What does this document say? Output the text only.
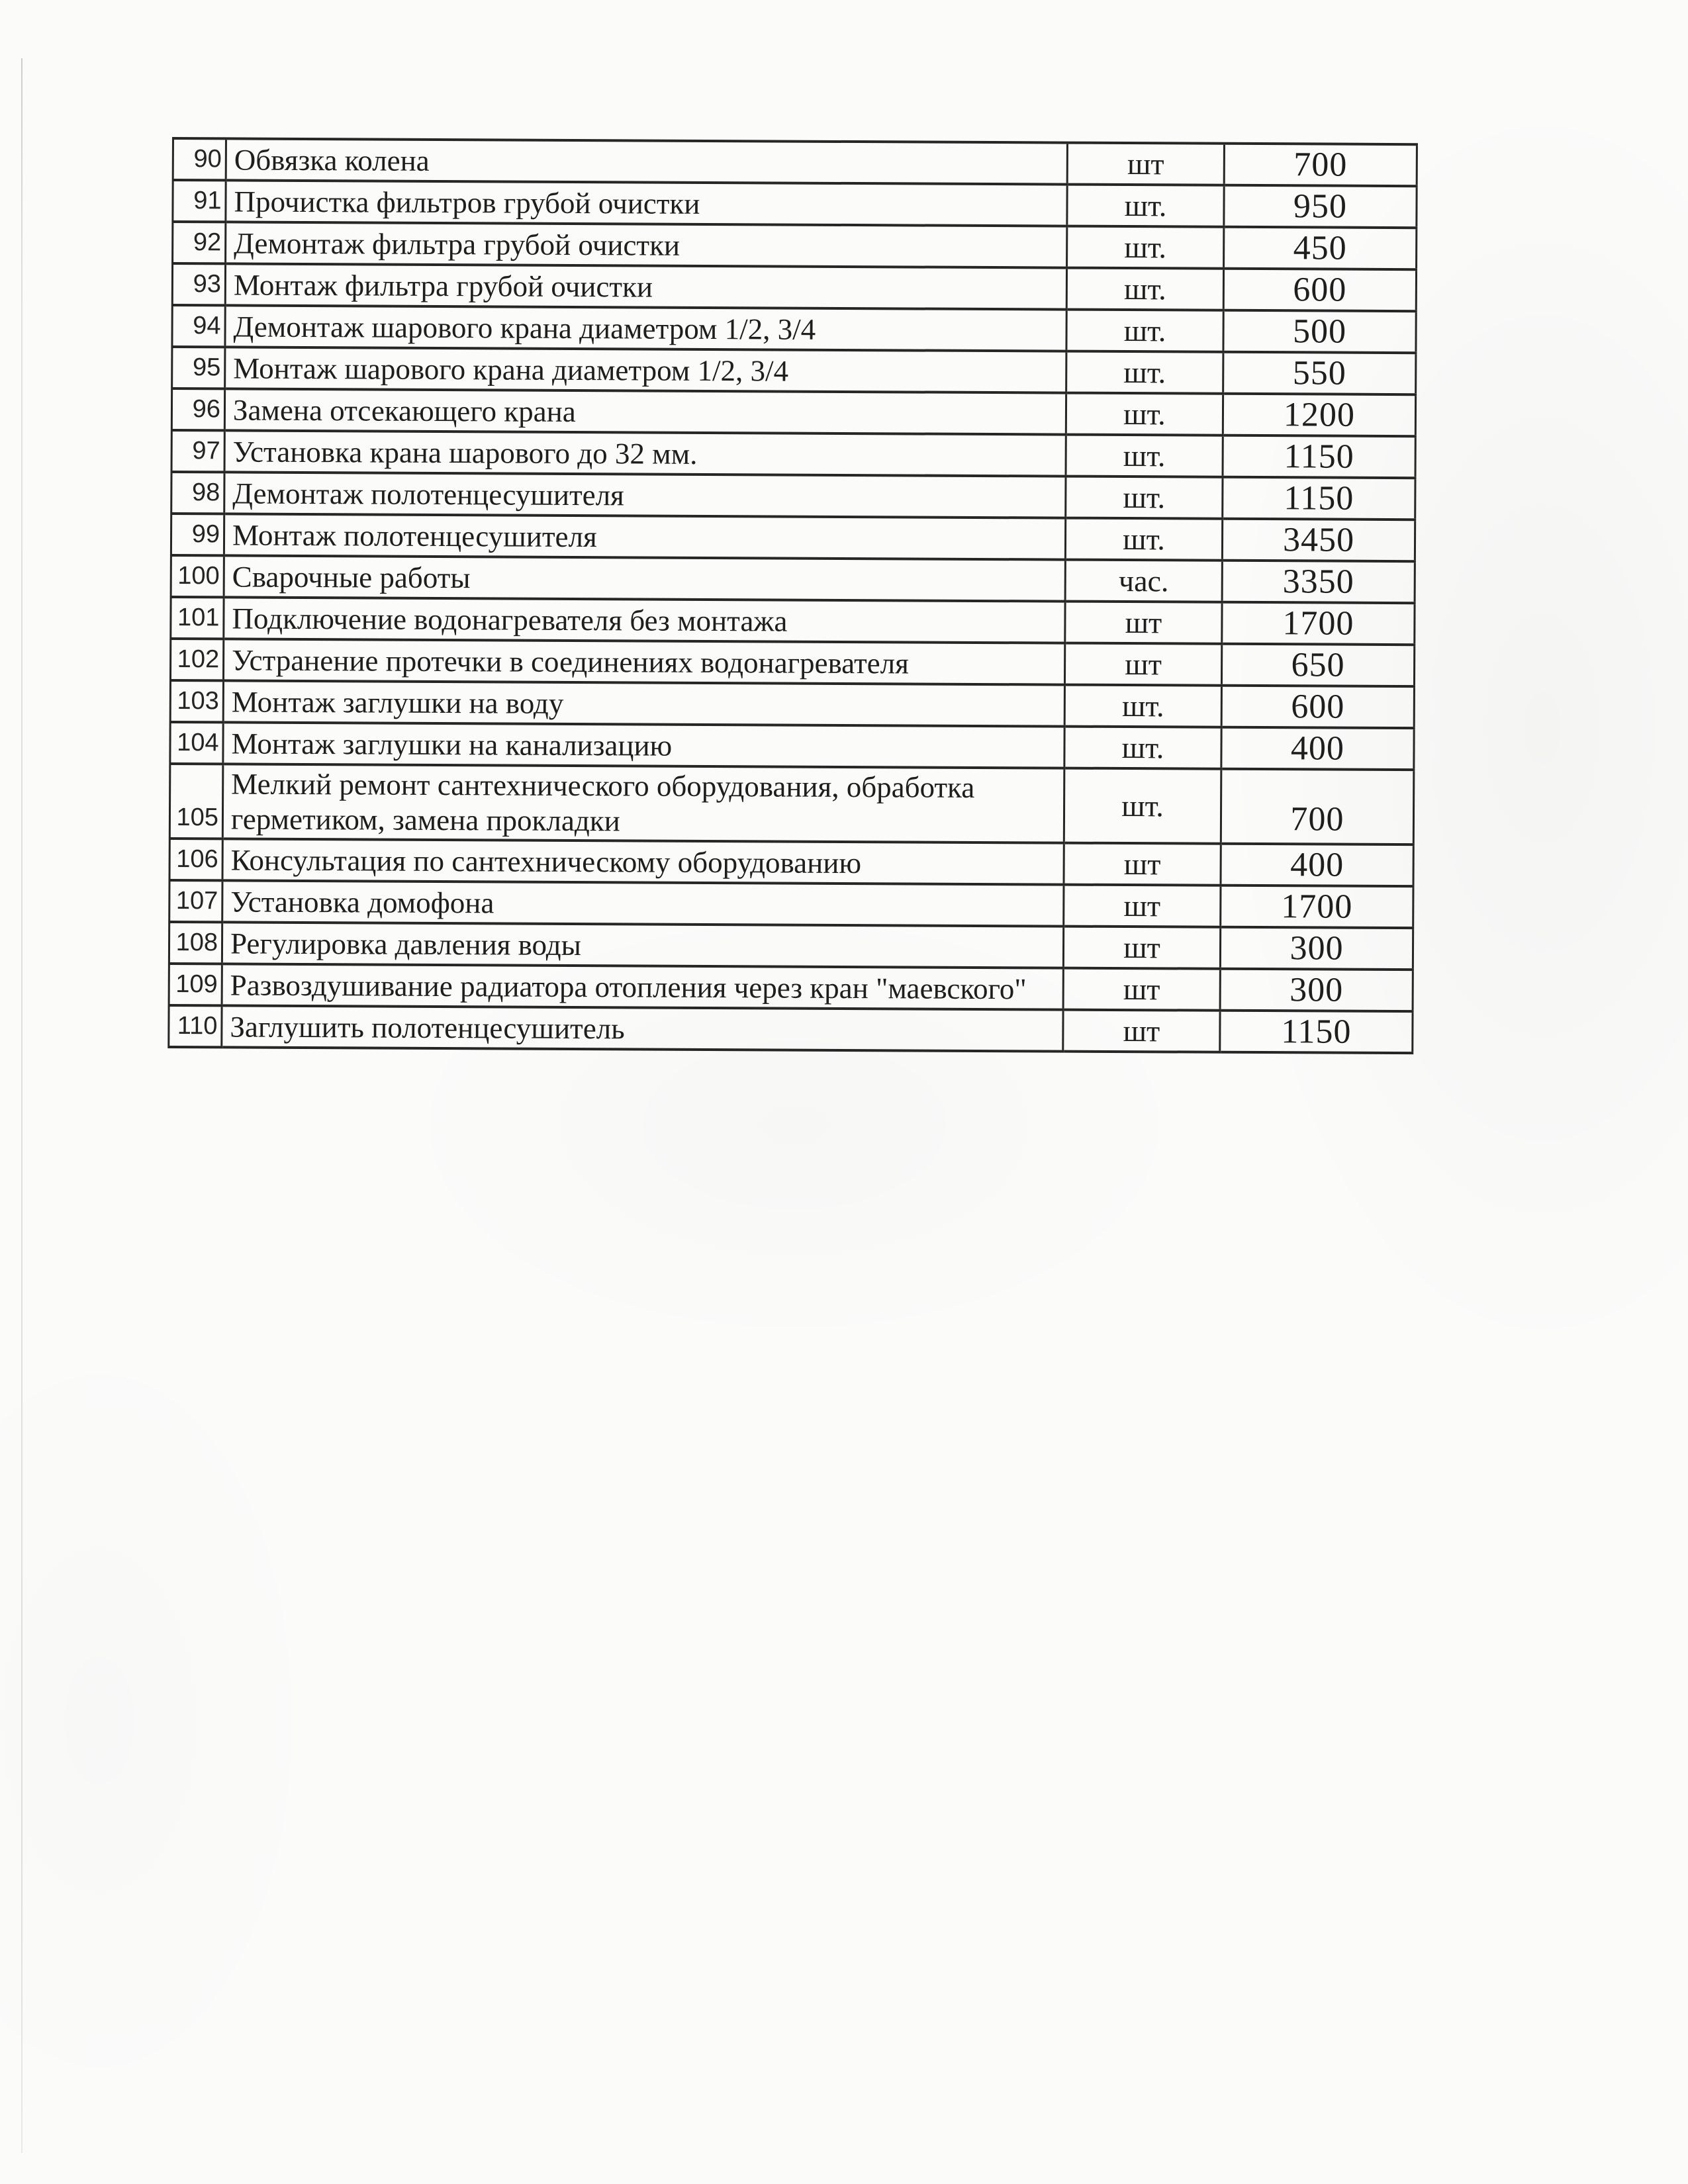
90	Обвязка колена	шт	700
91	Прочистка фильтров грубой очистки	шт.	950
92	Демонтаж фильтра грубой очистки	шт.	450
93	Монтаж фильтра грубой очистки	шт.	600
94	Демонтаж шарового крана диаметром 1/2, 3/4	шт.	500
95	Монтаж шарового крана диаметром 1/2, 3/4	шт.	550
96	Замена отсекающего крана	шт.	1200
97	Установка крана шарового до 32 мм.	шт.	1150
98	Демонтаж полотенцесушителя	шт.	1150
99	Монтаж полотенцесушителя	шт.	3450
100	Сварочные работы	час.	3350
101	Подключение водонагревателя без монтажа	шт	1700
102	Устранение протечки в соединениях водонагревателя	шт	650
103	Монтаж заглушки на воду	шт.	600
104	Монтаж заглушки на канализацию	шт.	400
105	Мелкий ремонт сантехнического оборудования, обработка
герметиком, замена прокладки	шт.	700
106	Консультация по сантехническому оборудованию	шт	400
107	Установка домофона	шт	1700
108	Регулировка давления воды	шт	300
109	Развоздушивание радиатора отопления через кран "маевского"	шт	300
110	Заглушить полотенцесушитель	шт	1150
